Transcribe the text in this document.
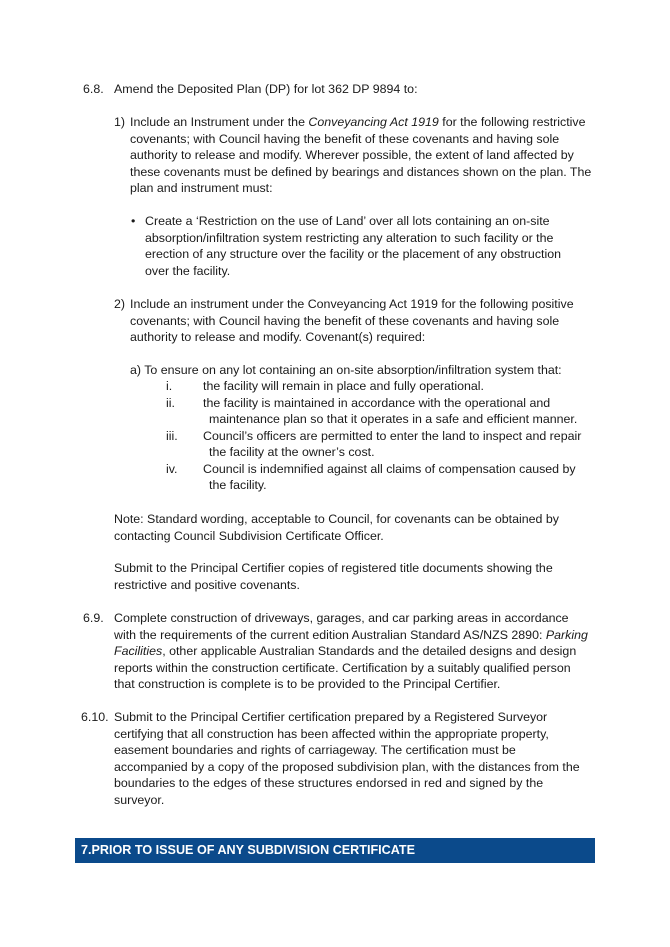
6.8. Amend the Deposited Plan (DP) for lot 362 DP 9894 to:

1) Include an Instrument under the Conveyancing Act 1919 for the following restrictive covenants; with Council having the benefit of these covenants and having sole authority to release and modify. Wherever possible, the extent of land affected by these covenants must be defined by bearings and distances shown on the plan. The plan and instrument must:

• Create a ‘Restriction on the use of Land’ over all lots containing an on-site absorption/infiltration system restricting any alteration to such facility or the erection of any structure over the facility or the placement of any obstruction over the facility.

2) Include an instrument under the Conveyancing Act 1919 for the following positive covenants; with Council having the benefit of these covenants and having sole authority to release and modify. Covenant(s) required:

a) To ensure on any lot containing an on-site absorption/infiltration system that:

i.	the facility will remain in place and fully operational.
ii.	the facility is maintained in accordance with the operational and
maintenance plan so that it operates in a safe and efficient manner.
iii.	Council’s officers are permitted to enter the land to inspect and repair
the facility at the owner’s cost.
iv.	Council is indemnified against all claims of compensation caused by
the facility.

Note: Standard wording, acceptable to Council, for covenants can be obtained by contacting Council Subdivision Certificate Officer.

Submit to the Principal Certifier copies of registered title documents showing the restrictive and positive covenants.

6.9. Complete construction of driveways, garages, and car parking areas in accordance with the requirements of the current edition Australian Standard AS/NZS 2890: Parking Facilities, other applicable Australian Standards and the detailed designs and design reports within the construction certificate. Certification by a suitably qualified person that construction is complete is to be provided to the Principal Certifier.

6.10. Submit to the Principal Certifier certification prepared by a Registered Surveyor certifying that all construction has been affected within the appropriate property, easement boundaries and rights of carriageway. The certification must be accompanied by a copy of the proposed subdivision plan, with the distances from the boundaries to the edges of these structures endorsed in red and signed by the surveyor.

7.PRIOR TO ISSUE OF ANY SUBDIVISION CERTIFICATE
